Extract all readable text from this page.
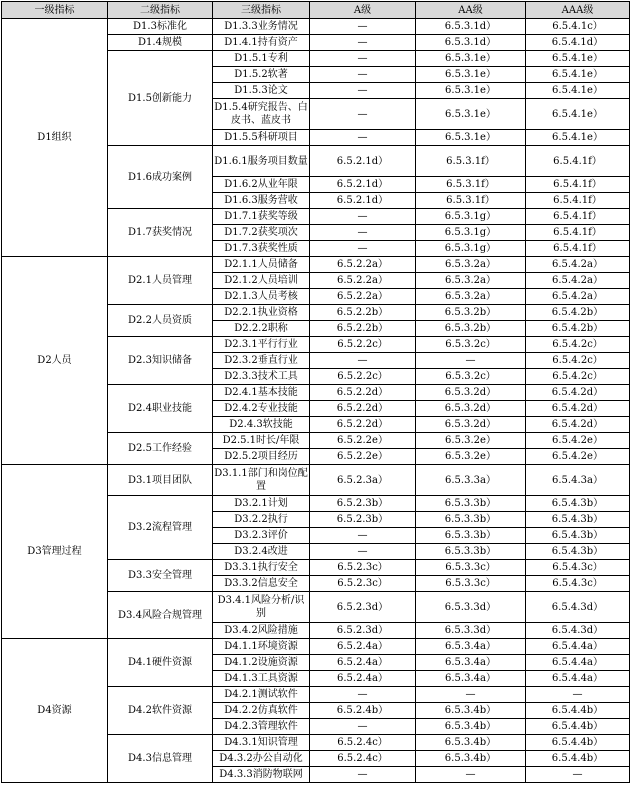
一级指标	二级指标	三级指标	A级	AA级	AAA级
D1组织	D1.3标准化	D1.3.3业务情况	—	6.5.3.1d）	6.5.4.1c）
	D1.4规模	D1.4.1持有资产	—	6.5.3.1d）	6.5.4.1d）
	D1.5创新能力	D1.5.1专利	—	6.5.3.1e）	6.5.4.1e）
		D1.5.2软著	—	6.5.3.1e）	6.5.4.1e）
		D1.5.3论文	—	6.5.3.1e）	6.5.4.1e）
		D1.5.4研究报告、白皮书、蓝皮书	—	6.5.3.1e）	6.5.4.1e）
		D1.5.5科研项目	—	6.5.3.1e）	6.5.4.1e）
	D1.6成功案例	D1.6.1服务项目数量	6.5.2.1d）	6.5.3.1f）	6.5.4.1f）
		D1.6.2从业年限	6.5.2.1d）	6.5.3.1f）	6.5.4.1f）
		D1.6.3服务营收	6.5.2.1d）	6.5.3.1f）	6.5.4.1f）
	D1.7获奖情况	D1.7.1获奖等级	—	6.5.3.1g）	6.5.4.1f）
		D1.7.2获奖项次	—	6.5.3.1g）	6.5.4.1f）
		D1.7.3获奖性质	—	6.5.3.1g）	6.5.4.1f）
D2人员	D2.1人员管理	D2.1.1人员储备	6.5.2.2a）	6.5.3.2a）	6.5.4.2a）
		D2.1.2人员培训	6.5.2.2a）	6.5.3.2a）	6.5.4.2a）
		D2.1.3人员考核	6.5.2.2a）	6.5.3.2a）	6.5.4.2a）
	D2.2人员资质	D2.2.1执业资格	6.5.2.2b）	6.5.3.2b）	6.5.4.2b）
		D2.2.2职称	6.5.2.2b）	6.5.3.2b）	6.5.4.2b）
	D2.3知识储备	D2.3.1平行行业	6.5.2.2c）	6.5.3.2c）	6.5.4.2c）
		D2.3.2垂直行业	—	—	6.5.4.2c）
		D2.3.3技术工具	6.5.2.2c）	6.5.3.2c）	6.5.4.2c）
	D2.4职业技能	D2.4.1基本技能	6.5.2.2d）	6.5.3.2d）	6.5.4.2d）
		D2.4.2专业技能	6.5.2.2d）	6.5.3.2d）	6.5.4.2d）
		D2.4.3软技能	6.5.2.2d）	6.5.3.2d）	6.5.4.2d）
	D2.5工作经验	D2.5.1时长/年限	6.5.2.2e）	6.5.3.2e）	6.5.4.2e）
		D2.5.2项目经历	6.5.2.2e）	6.5.3.2e）	6.5.4.2e）
D3管理过程	D3.1项目团队	D3.1.1部门和岗位配置	6.5.2.3a）	6.5.3.3a）	6.5.4.3a）
	D3.2流程管理	D3.2.1计划	6.5.2.3b）	6.5.3.3b）	6.5.4.3b）
		D3.2.2执行	6.5.2.3b）	6.5.3.3b）	6.5.4.3b）
		D3.2.3评价	—	6.5.3.3b）	6.5.4.3b）
		D3.2.4改进	—	6.5.3.3b）	6.5.4.3b）
	D3.3安全管理	D3.3.1执行安全	6.5.2.3c）	6.5.3.3c）	6.5.4.3c）
		D3.3.2信息安全	6.5.2.3c）	6.5.3.3c）	6.5.4.3c）
	D3.4风险合规管理	D3.4.1风险分析/识别	6.5.2.3d）	6.5.3.3d）	6.5.4.3d）
		D3.4.2风险措施	6.5.2.3d）	6.5.3.3d）	6.5.4.3d）
D4资源	D4.1硬件资源	D4.1.1环境资源	6.5.2.4a）	6.5.3.4a）	6.5.4.4a）
		D4.1.2设施资源	6.5.2.4a）	6.5.3.4a）	6.5.4.4a）
		D4.1.3工具资源	6.5.2.4a）	6.5.3.4a）	6.5.4.4a）
	D4.2软件资源	D4.2.1测试软件	—	—	—
		D4.2.2仿真软件	6.5.2.4b）	6.5.3.4b）	6.5.4.4b）
		D4.2.3管理软件	—	6.5.3.4b）	6.5.4.4b）
	D4.3信息管理	D4.3.1知识管理	6.5.2.4c）	6.5.3.4b）	6.5.4.4b）
		D4.3.2办公自动化	6.5.2.4c）	6.5.3.4b）	6.5.4.4b）
		D4.3.3消防物联网	—	—	—
